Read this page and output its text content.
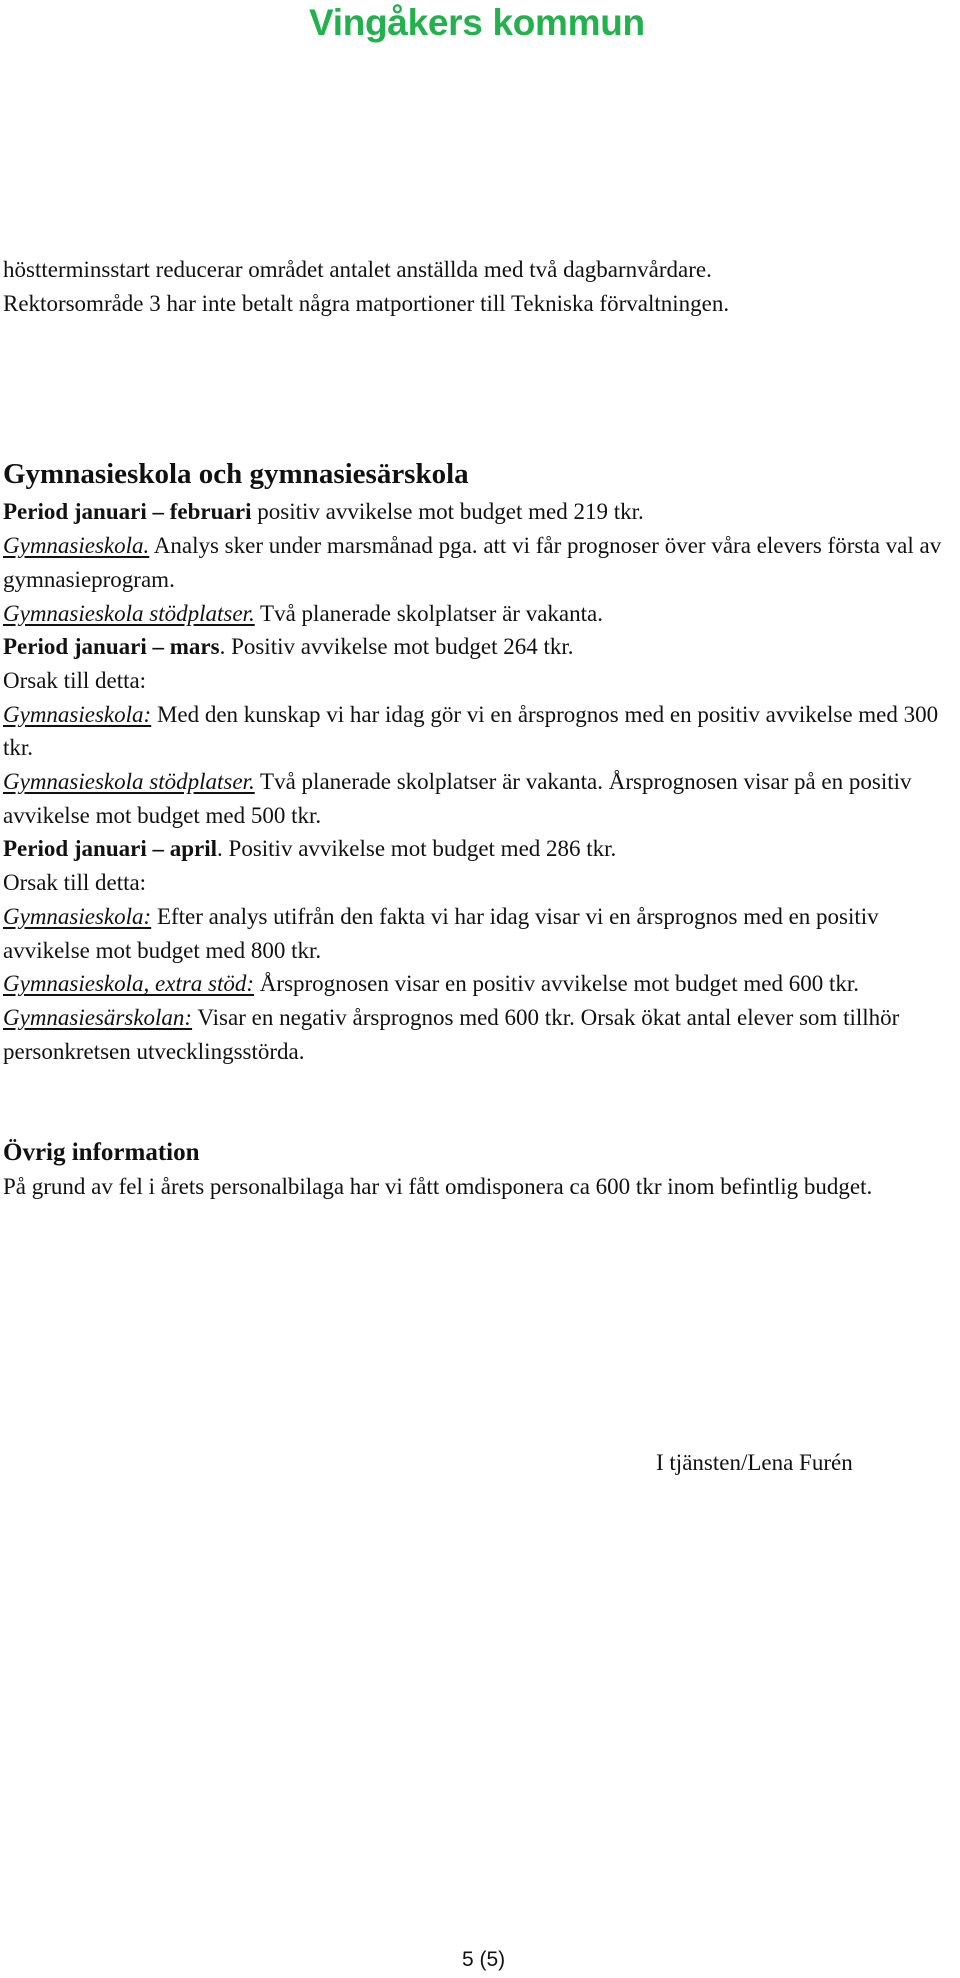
Vingåkers kommun

höstterminsstart reducerar området antalet anställda med två dagbarnvårdare.

Rektorsområde 3 har inte betalt några matportioner till Tekniska förvaltningen.

Gymnasieskola och gymnasiesärskola

Period januari – februari positiv avvikelse mot budget med 219 tkr.

Gymnasieskola. Analys sker under marsmånad pga. att vi får prognoser över våra elevers första val av gymnasieprogram.

Gymnasieskola stödplatser. Två planerade skolplatser är vakanta.

Period januari – mars. Positiv avvikelse mot budget 264 tkr.

Orsak till detta:

Gymnasieskola: Med den kunskap vi har idag gör vi en årsprognos med en positiv avvikelse med 300 tkr.

Gymnasieskola stödplatser. Två planerade skolplatser är vakanta. Årsprognosen visar på en positiv avvikelse mot budget med 500 tkr.

Period januari – april. Positiv avvikelse mot budget med 286 tkr.

Orsak till detta:

Gymnasieskola: Efter analys utifrån den fakta vi har idag visar vi en årsprognos med en positiv avvikelse mot budget med 800 tkr.

Gymnasieskola, extra stöd: Årsprognosen visar en positiv avvikelse mot budget med 600 tkr.

Gymnasiesärskolan: Visar en negativ årsprognos med 600 tkr. Orsak ökat antal elever som tillhör personkretsen utvecklingsstörda.

Övrig information

På grund av fel i årets personalbilaga har vi fått omdisponera ca 600 tkr inom befintlig budget.

I tjänsten/Lena Furén
5 (5)
